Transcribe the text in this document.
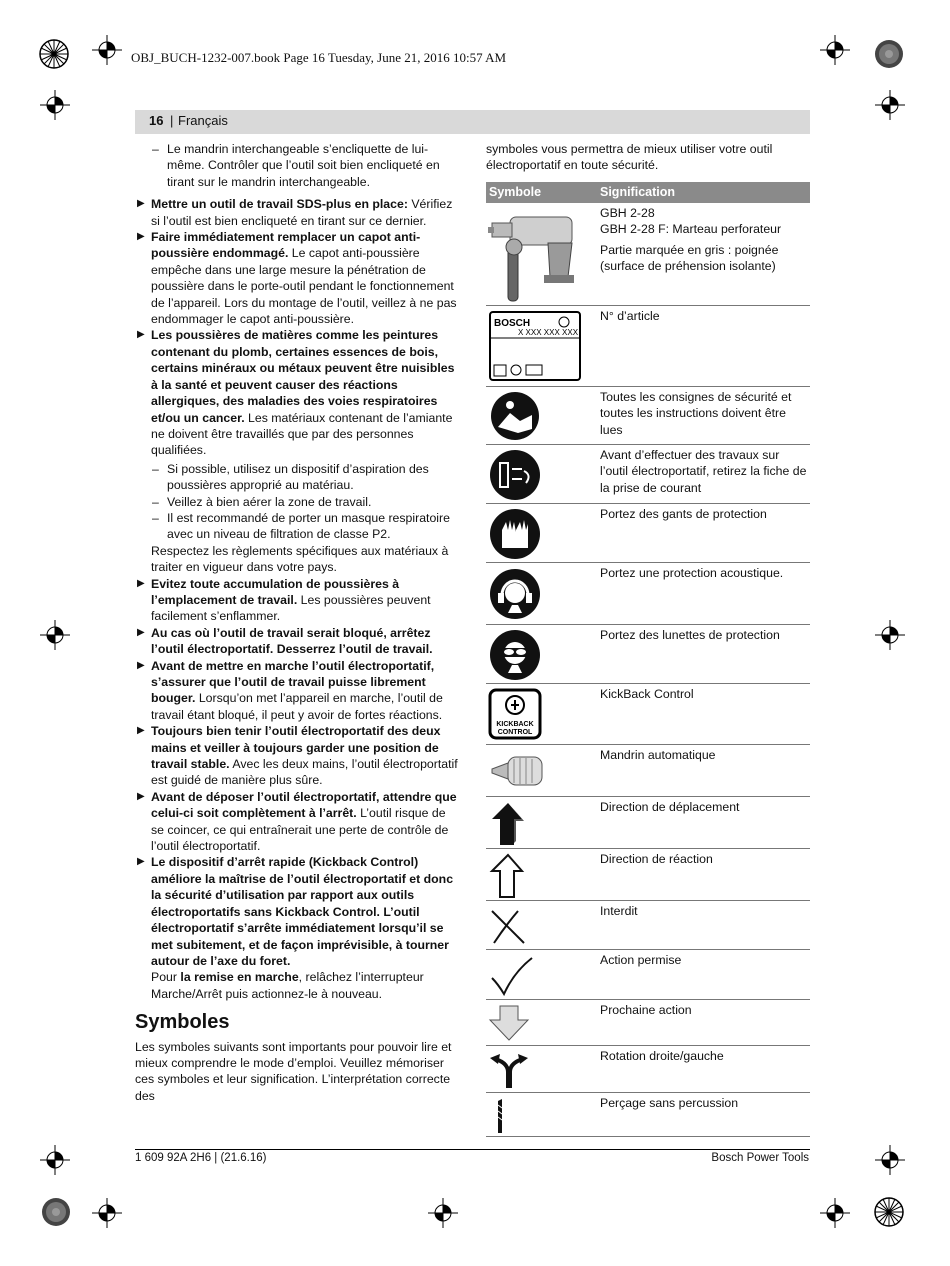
OBJ_BUCH-1232-007.book Page 16 Tuesday, June 21, 2016 10:57 AM
16 | Français

– Le mandrin interchangeable s’encliquette de lui-même. Contrôler que l’outil soit bien encliqueté en tirant sur le mandrin interchangeable.

▶ Mettre un outil de travail SDS-plus en place: Vérifiez si l’outil est bien encliqueté en tirant sur ce dernier.

▶ Faire immédiatement remplacer un capot anti-poussière endommagé. Le capot anti-poussière empêche dans une large mesure la pénétration de poussière dans le porte-outil pendant le fonctionnement de l’appareil. Lors du montage de l’outil, veillez à ne pas endommager le capot anti-poussière.

▶ Les poussières de matières comme les peintures contenant du plomb, certaines essences de bois, certains minéraux ou métaux peuvent être nuisibles à la santé et peuvent causer des réactions allergiques, des maladies des voies respiratoires et/ou un cancer. Les matériaux contenant de l’amiante ne doivent être travaillés que par des personnes qualifiées.

– Si possible, utilisez un dispositif d’aspiration des poussières approprié au matériau.

– Veillez à bien aérer la zone de travail.

– Il est recommandé de porter un masque respiratoire avec un niveau de filtration de classe P2.

Respectez les règlements spécifiques aux matériaux à traiter en vigueur dans votre pays.

▶ Evitez toute accumulation de poussières à l’emplacement de travail. Les poussières peuvent facilement s’enflammer.

▶ Au cas où l’outil de travail serait bloqué, arrêtez l’outil électroportatif. Desserrez l’outil de travail.

▶ Avant de mettre en marche l’outil électroportatif, s’assurer que l’outil de travail puisse librement bouger. Lorsqu’on met l’appareil en marche, l’outil de travail étant bloqué, il peut y avoir de fortes réactions.

▶ Toujours bien tenir l’outil électroportatif des deux mains et veiller à toujours garder une position de travail stable. Avec les deux mains, l’outil électroportatif est guidé de manière plus sûre.

▶ Avant de déposer l’outil électroportatif, attendre que celui-ci soit complètement à l’arrêt. L’outil risque de se coincer, ce qui entraînerait une perte de contrôle de l’outil électroportatif.

▶ Le dispositif d’arrêt rapide (Kickback Control) améliore la maîtrise de l’outil électroportatif et donc la sécurité d’utilisation par rapport aux outils électroportatifs sans Kickback Control. L’outil électroportatif s’arrête immédiatement lorsqu’il se met subitement, et de façon imprévisible, à tourner autour de l’axe du foret.

Pour la remise en marche, relâchez l’interrupteur Marche/Arrêt puis actionnez-le à nouveau.

Symboles

Les symboles suivants sont importants pour pouvoir lire et mieux comprendre le mode d’emploi. Veuillez mémoriser ces symboles et leur signification. L’interprétation correcte des

symboles vous permettra de mieux utiliser votre outil électroportatif en toute sécurité.
Symbole	Signification
GBH 2-28
GBH 2-28 F: Marteau perforateur
Partie marquée en gris : poignée (surface de préhension isolante)
BOSCH
X XXX XXX XXX
N° d’article
Toutes les consignes de sécurité et toutes les instructions doivent être lues
Avant d’effectuer des travaux sur l’outil électroportatif, retirez la fiche de la prise de courant
Portez des gants de protection
Portez une protection acoustique.
Portez des lunettes de protection
KICKBACK
CONTROL
KickBack Control
Mandrin automatique
Direction de déplacement
Direction de réaction
Interdit
Action permise
Prochaine action
Rotation droite/gauche
Perçage sans percussion
1 609 92A 2H6 | (21.6.16)	Bosch Power Tools
